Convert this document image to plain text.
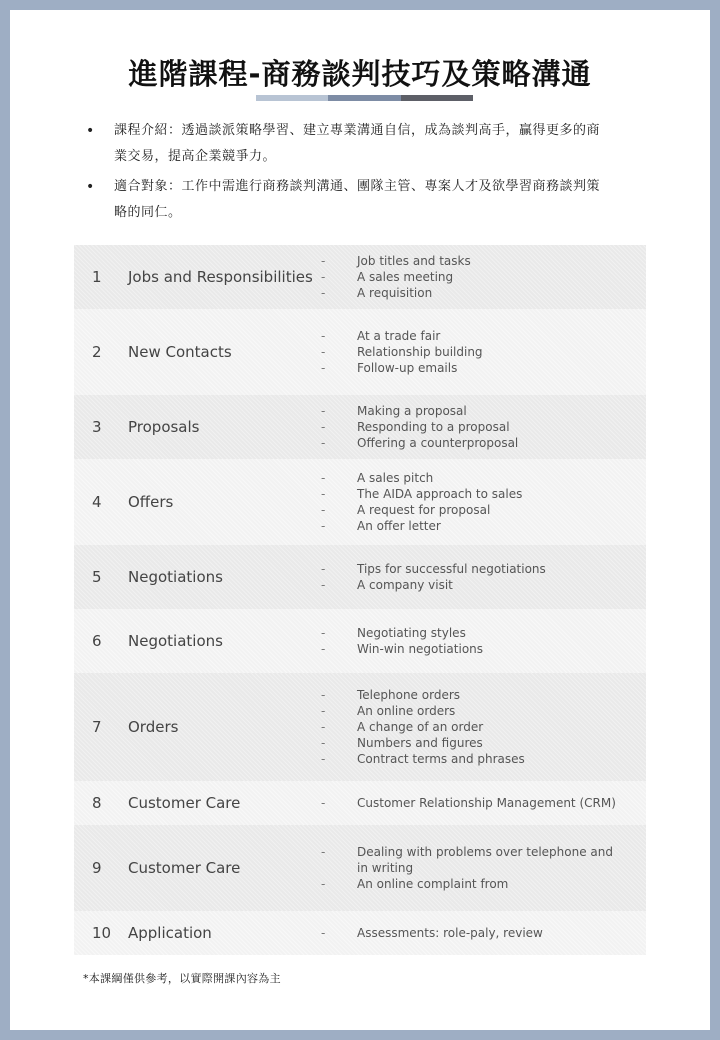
進階課程-商務談判技巧及策略溝通
• 課程介紹：透過談派策略學習、建立專業溝通自信，成為談判高手，贏得更多的商
業交易，提高企業競爭力。
• 適合對象：工作中需進行商務談判溝通、團隊主管、專案人才及欲學習商務談判策
略的同仁。
1 Jobs and Responsibilities
-	Job titles and tasks
-	A sales meeting
-	A requisition
2 New Contacts
-	At a trade fair
-	Relationship building
-	Follow-up emails
3 Proposals
-	Making a proposal
-	Responding to a proposal
-	Offering a counterproposal
4 Offers
-	A sales pitch
-	The AIDA approach to sales
-	A request for proposal
-	An offer letter
5 Negotiations	-	Tips for successful negotiations
-	A company visit
6 Negotiations	-	Negotiating styles
-	Win-win negotiations
7 Orders
-	Telephone orders
-	An online orders
-	A change of an order
-	Numbers and figures
-	Contract terms and phrases
8 Customer Care	-	Customer Relationship Management (CRM)
9 Customer Care
-	Dealing with problems over telephone and in writing
-	An online complaint from
10 Application	-	Assessments: role-paly, review
*本課綱僅供參考，以實際開課內容為主
